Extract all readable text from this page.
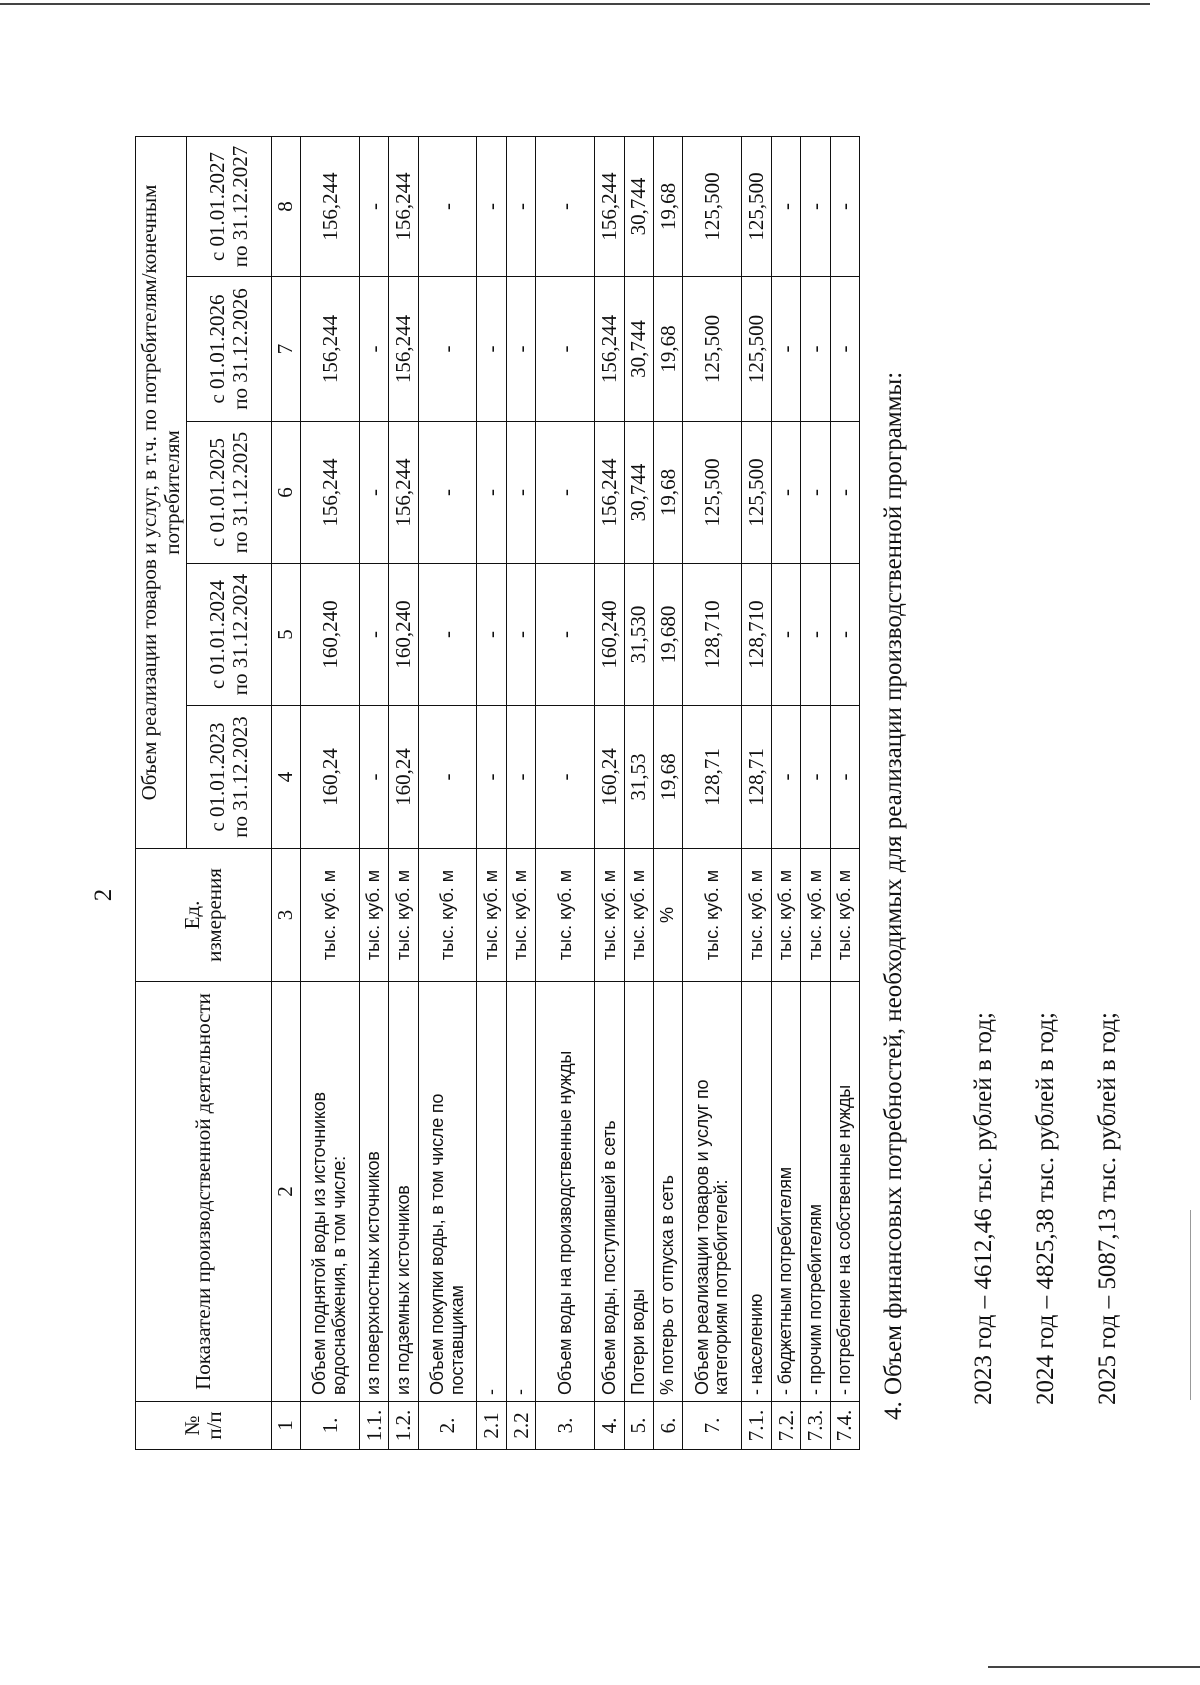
2
№ п/п	Показатели производственной деятельности	Ед. измерения	Объем реализации товаров и услуг, в т.ч. по потребителям/конечным потребителям				
			с 01.01.2023 по 31.12.2023	с 01.01.2024 по 31.12.2024	с 01.01.2025 по 31.12.2025	с 01.01.2026 по 31.12.2026	с 01.01.2027 по 31.12.2027
1	2	3	4	5	6	7	8
1.	Объем поднятой воды из источников водоснабжения, в том числе:	тыс. куб. м	160,24	160,240	156,244	156,244	156,244
1.1.	из поверхностных источников	тыс. куб. м	-	-	-	-	-
1.2.	из подземных источников	тыс. куб. м	160,24	160,240	156,244	156,244	156,244
2.	Объем покупки воды, в том числе по поставщикам	тыс. куб. м	-	-	-	-	-
2.1	-	тыс. куб. м	-	-	-	-	-
2.2	-	тыс. куб. м	-	-	-	-	-
3.	Объем воды на производственные нужды	тыс. куб. м	-	-	-	-	-
4.	Объем воды, поступившей в сеть	тыс. куб. м	160,24	160,240	156,244	156,244	156,244
5.	Потери воды	тыс. куб. м	31,53	31,530	30,744	30,744	30,744
6.	% потерь от отпуска в сеть	%	19,68	19,680	19,68	19,68	19,68
7.	Объем реализации товаров и услуг по категориям потребителей:	тыс. куб. м	128,71	128,710	125,500	125,500	125,500
7.1.	- населению	тыс. куб. м	128,71	128,710	125,500	125,500	125,500
7.2.	- бюджетным потребителям	тыс. куб. м	-	-	-	-	-
7.3.	- прочим потребителям	тыс. куб. м	-	-	-	-	-
7.4.	- потребление на собственные нужды	тыс. куб. м	-	-	-	-	-

4. Объем финансовых потребностей, необходимых для реализации производственной программы:	2023 год – 4612,46 тыс. рублей в год; 2024 год – 4825,38 тыс. рублей в год; 2025 год – 5087,13 тыс. рублей в год;
